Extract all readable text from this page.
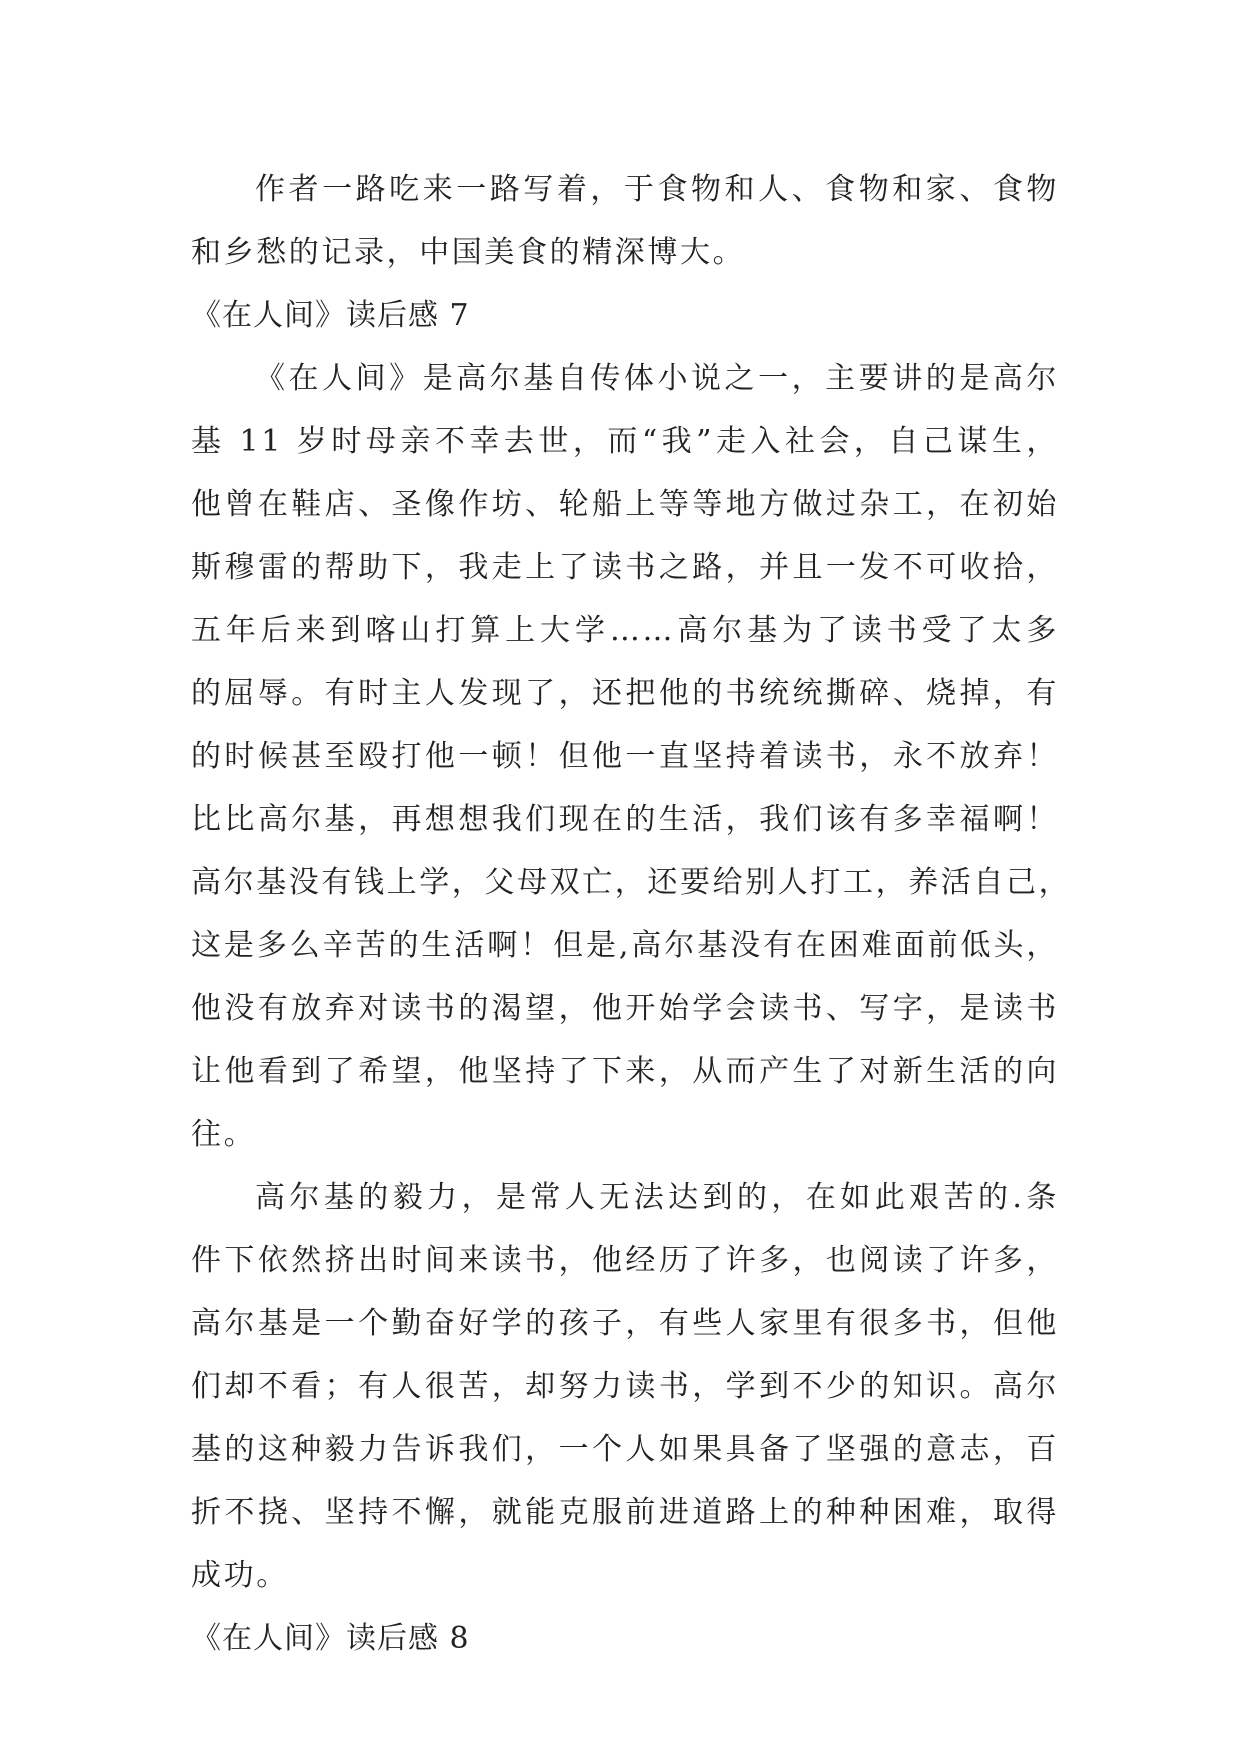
作者一路吃来一路写着，于食物和人、食物和家、食物
和乡愁的记录，中国美食的精深博大。
《在人间》读后感 7
《在人间》是高尔基自传体小说之一，主要讲的是高尔
基 11 岁时母亲不幸去世，而“我”走入社会，自己谋生，
他曾在鞋店、圣像作坊、轮船上等等地方做过杂工，在初始
斯穆雷的帮助下，我走上了读书之路，并且一发不可收拾，
五年后来到喀山打算上大学……高尔基为了读书受了太多
的屈辱。有时主人发现了，还把他的书统统撕碎、烧掉，有
的时候甚至殴打他一顿！但他一直坚持着读书，永不放弃！
比比高尔基，再想想我们现在的生活，我们该有多幸福啊！
高尔基没有钱上学，父母双亡，还要给别人打工，养活自己，
这是多么辛苦的生活啊！但是,高尔基没有在困难面前低头，
他没有放弃对读书的渴望，他开始学会读书、写字，是读书
让他看到了希望，他坚持了下来，从而产生了对新生活的向
往。
高尔基的毅力，是常人无法达到的，在如此艰苦的.条
件下依然挤出时间来读书，他经历了许多，也阅读了许多，
高尔基是一个勤奋好学的孩子，有些人家里有很多书，但他
们却不看；有人很苦，却努力读书，学到不少的知识。高尔
基的这种毅力告诉我们，一个人如果具备了坚强的意志，百
折不挠、坚持不懈，就能克服前进道路上的种种困难，取得
成功。
《在人间》读后感 8
